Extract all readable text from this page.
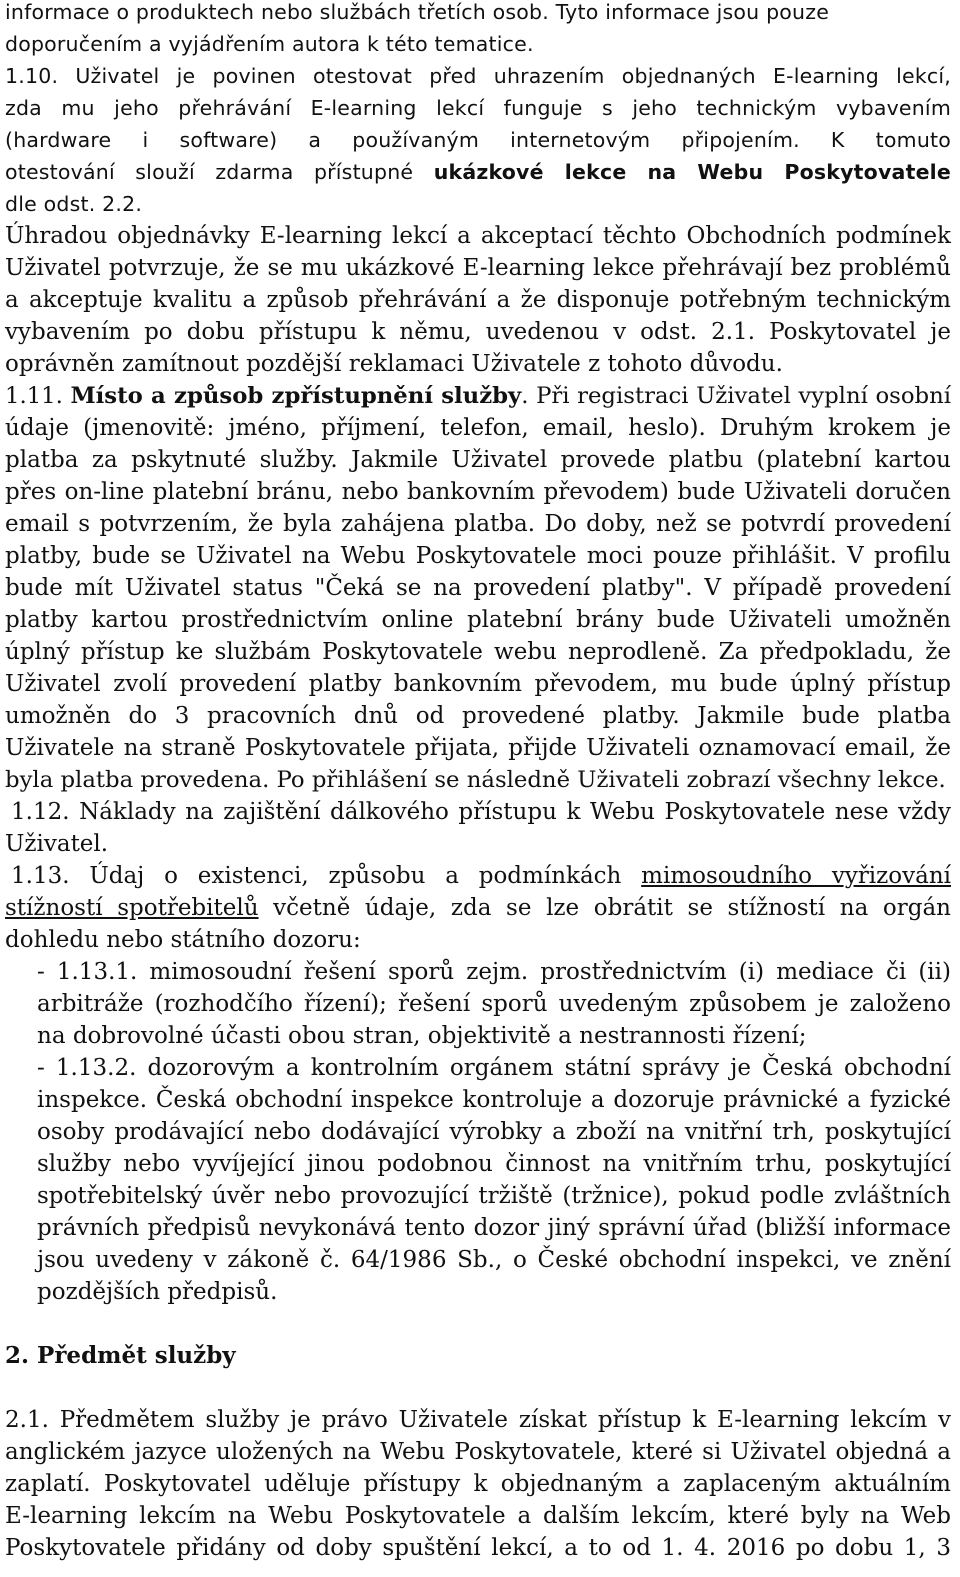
informace o produktech nebo službách třetích osob. Tyto informace jsou pouze
doporučením a vyjádřením autora k této tematice.
1.10. Uživatel je povinen otestovat před uhrazením objednaných E-learning lekcí,
zda mu jeho přehrávání E-learning lekcí funguje s jeho technickým vybavením
(hardware i software) a používaným internetovým připojením. K tomuto
otestování slouží zdarma přístupné ukázkové lekce na Webu Poskytovatele
dle odst. 2.2.
Úhradou objednávky E-learning lekcí a akceptací těchto Obchodních podmínek
Uživatel potvrzuje, že se mu ukázkové E-learning lekce přehrávají bez problémů
a akceptuje kvalitu a způsob přehrávání a že disponuje potřebným technickým
vybavením po dobu přístupu k němu, uvedenou v odst. 2.1. Poskytovatel je
oprávněn zamítnout pozdější reklamaci Uživatele z tohoto důvodu.
1.11. Místo a způsob zpřístupnění služby. Při registraci Uživatel vyplní osobní
údaje (jmenovitě: jméno, příjmení, telefon, email, heslo). Druhým krokem je
platba za pskytnuté služby. Jakmile Uživatel provede platbu (platební kartou
přes on-line platební bránu, nebo bankovním převodem) bude Uživateli doručen
email s potvrzením, že byla zahájena platba. Do doby, než se potvrdí provedení
platby, bude se Uživatel na Webu Poskytovatele moci pouze přihlášit. V profilu
bude mít Uživatel status "Čeká se na provedení platby". V případě provedení
platby kartou prostřednictvím online platební brány bude Uživateli umožněn
úplný přístup ke službám Poskytovatele webu neprodleně. Za předpokladu, že
Uživatel zvolí provedení platby bankovním převodem, mu bude úplný přístup
umožněn do 3 pracovních dnů od provedené platby. Jakmile bude platba
Uživatele na straně Poskytovatele přijata, přijde Uživateli oznamovací email, že
byla platba provedena. Po přihlášení se následně Uživateli zobrazí všechny lekce.
1.12. Náklady na zajištění dálkového přístupu k Webu Poskytovatele nese vždy
Uživatel.
1.13. Údaj o existenci, způsobu a podmínkách mimosoudního vyřizování
stížností spotřebitelů včetně údaje, zda se lze obrátit se stížností na orgán
dohledu nebo státního dozoru:
- 1.13.1. mimosoudní řešení sporů zejm. prostřednictvím (i) mediace či (ii)
arbitráže (rozhodčího řízení); řešení sporů uvedeným způsobem je založeno
na dobrovolné účasti obou stran, objektivitě a nestrannosti řízení;
- 1.13.2. dozorovým a kontrolním orgánem státní správy je Česká obchodní
inspekce. Česká obchodní inspekce kontroluje a dozoruje právnické a fyzické
osoby prodávající nebo dodávající výrobky a zboží na vnitřní trh, poskytující
služby nebo vyvíjející jinou podobnou činnost na vnitřním trhu, poskytující
spotřebitelský úvěr nebo provozující tržiště (tržnice), pokud podle zvláštních
právních předpisů nevykonává tento dozor jiný správní úřad (bližší informace
jsou uvedeny v zákoně č. 64/1986 Sb., o České obchodní inspekci, ve znění
pozdějších předpisů.
2. Předmět služby
2.1. Předmětem služby je právo Uživatele získat přístup k E-learning lekcím v
anglickém jazyce uložených na Webu Poskytovatele, které si Uživatel objedná a
zaplatí. Poskytovatel uděluje přístupy k objednaným a zaplaceným aktuálním
E-learning lekcím na Webu Poskytovatele a dalším lekcím, které byly na Web
Poskytovatele přidány od doby spuštění lekcí, a to od 1. 4. 2016 po dobu 1, 3
